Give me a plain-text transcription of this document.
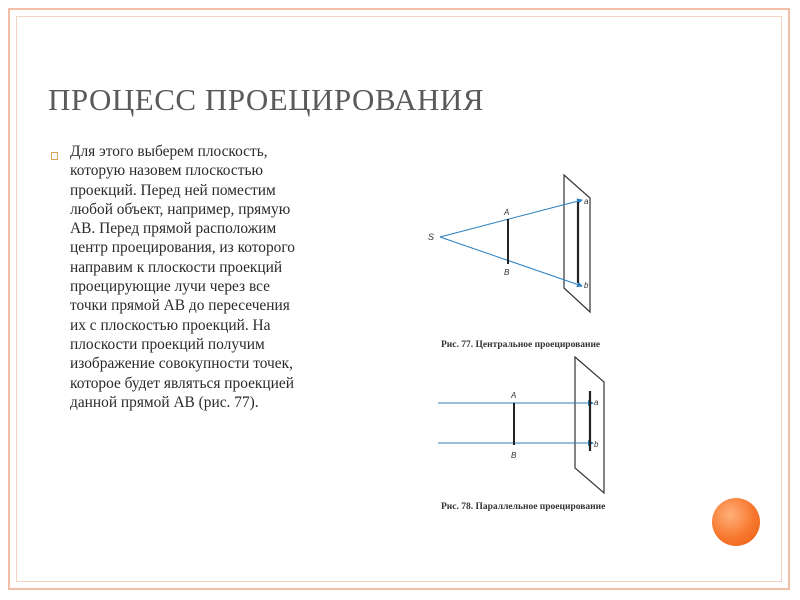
ПРОЦЕСС ПРОЕЦИРОВАНИЯ
Для этого выберем плоскость,
которую назовем плоскостью
проекций. Перед ней поместим
любой объект, например, прямую
АВ. Перед прямой расположим
центр проецирования, из которого
направим к плоскости проекций
проецирующие лучи через все
точки прямой АВ до пересечения
их с плоскостью проекций. На
плоскости проекций получим
изображение совокупности точек,
которое будет являться проекцией
данной прямой АВ (рис. 77).
S
A
B
a
b
Рис. 77. Центральное проецирование
A
B
a
b
Рис. 78. Параллельное проецирование
